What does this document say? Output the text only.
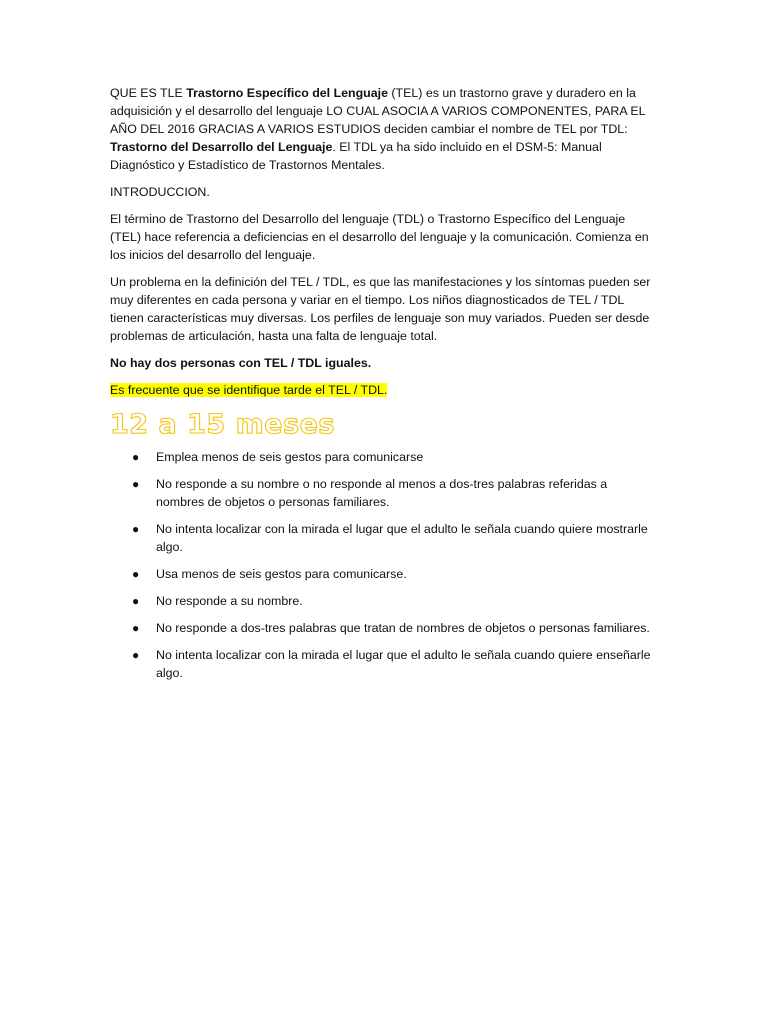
QUE ES TLE Trastorno Específico del Lenguaje (TEL) es un trastorno grave y duradero en la adquisición y el desarrollo del lenguaje LO CUAL ASOCIA A VARIOS COMPONENTES, PARA EL AÑO DEL 2016 GRACIAS A VARIOS ESTUDIOS deciden cambiar el nombre de TEL por TDL: Trastorno del Desarrollo del Lenguaje. El TDL ya ha sido incluido en el DSM-5: Manual Diagnóstico y Estadístico de Trastornos Mentales.

INTRODUCCION.

El término de Trastorno del Desarrollo del lenguaje (TDL) o Trastorno Específico del Lenguaje (TEL) hace referencia a deficiencias en el desarrollo del lenguaje y la comunicación. Comienza en los inicios del desarrollo del lenguaje.

Un problema en la definición del TEL / TDL, es que las manifestaciones y los síntomas pueden ser muy diferentes en cada persona y variar en el tiempo. Los niños diagnosticados de TEL / TDL tienen características muy diversas. Los perfiles de lenguaje son muy variados. Pueden ser desde problemas de articulación, hasta una falta de lenguaje total.

No hay dos personas con TEL / TDL iguales.

Es frecuente que se identifique tarde el TEL / TDL.

12 a 15 meses
● Emplea menos de seis gestos para comunicarse
● No responde a su nombre o no responde al menos a dos-tres palabras referidas a nombres de objetos o personas familiares.
● No intenta localizar con la mirada el lugar que el adulto le señala cuando quiere mostrarle algo.
● Usa menos de seis gestos para comunicarse.
● No responde a su nombre.
● No responde a dos-tres palabras que tratan de nombres de objetos o personas familiares.
● No intenta localizar con la mirada el lugar que el adulto le señala cuando quiere enseñarle algo.
